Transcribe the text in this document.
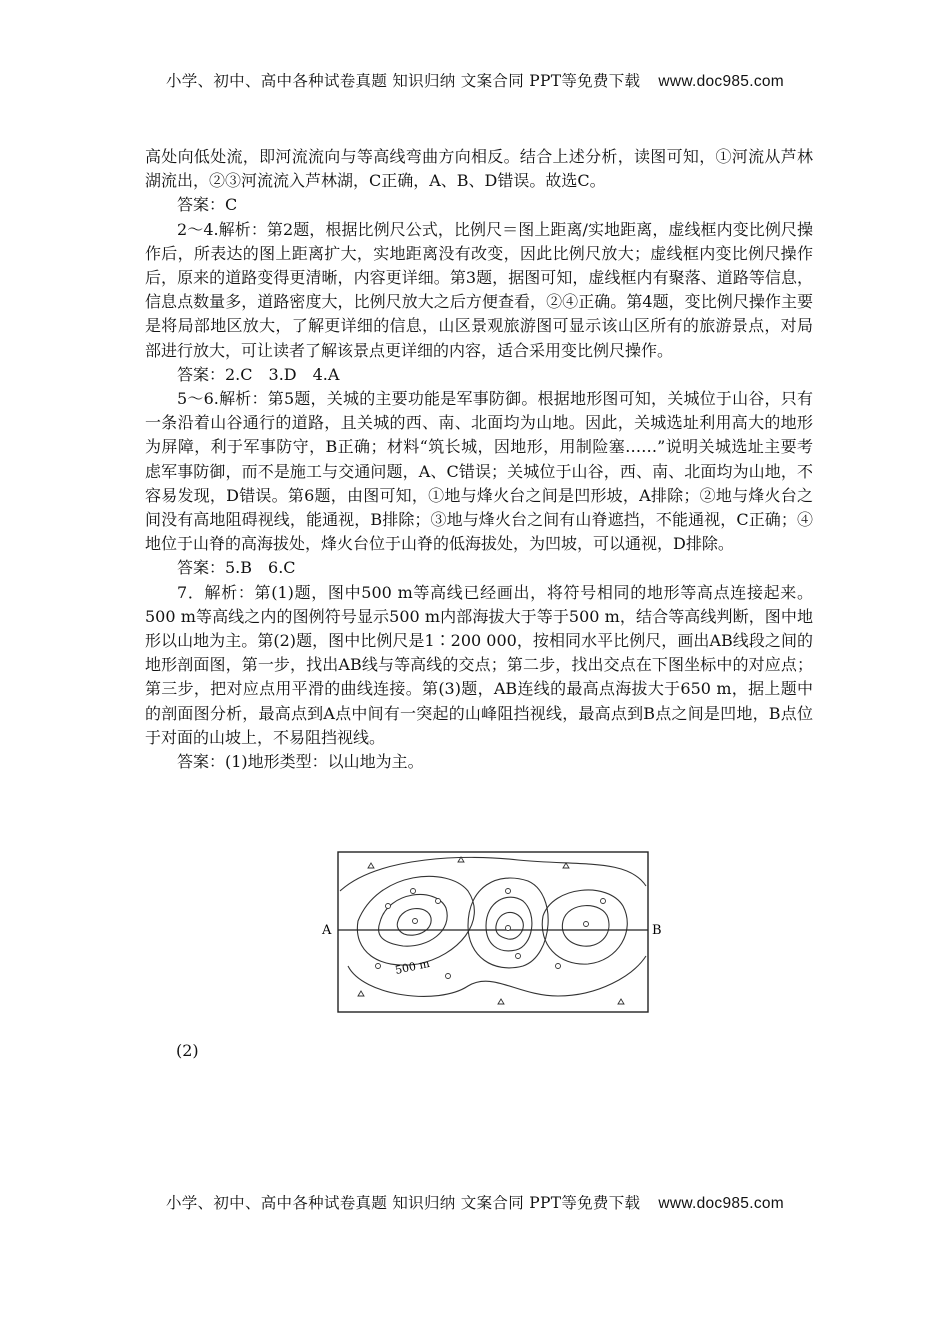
小学、初中、高中各种试卷真题 知识归纳 文案合同 PPT等免费下载 www.doc985.com

高处向低处流，即河流流向与等高线弯曲方向相反。结合上述分析，读图可知，①河流从芦林湖流出，②③河流流入芦林湖，C正确，A、B、D错误。故选C。

答案：C

2～4.解析：第2题，根据比例尺公式，比例尺＝图上距离/实地距离，虚线框内变比例尺操作后，所表达的图上距离扩大，实地距离没有改变，因此比例尺放大；虚线框内变比例尺操作后，原来的道路变得更清晰，内容更详细。第3题，据图可知，虚线框内有聚落、道路等信息，信息点数量多，道路密度大，比例尺放大之后方便查看，②④正确。第4题，变比例尺操作主要是将局部地区放大，了解更详细的信息，山区景观旅游图可显示该山区所有的旅游景点，对局部进行放大，可让读者了解该景点更详细的内容，适合采用变比例尺操作。

答案：2.C　3.D　4.A

5～6.解析：第5题，关城的主要功能是军事防御。根据地形图可知，关城位于山谷，只有一条沿着山谷通行的道路，且关城的西、南、北面均为山地。因此，关城选址利用高大的地形为屏障，利于军事防守，B正确；材料“筑长城，因地形，用制险塞……”说明关城选址主要考虑军事防御，而不是施工与交通问题，A、C错误；关城位于山谷，西、南、北面均为山地，不容易发现，D错误。第6题，由图可知，①地与烽火台之间是凹形坡，A排除；②地与烽火台之间没有高地阻碍视线，能通视，B排除；③地与烽火台之间有山脊遮挡，不能通视，C正确；④地位于山脊的高海拔处，烽火台位于山脊的低海拔处，为凹坡，可以通视，D排除。

答案：5.B　6.C

7．解析：第(1)题，图中500 m等高线已经画出，将符号相同的地形等高点连接起来。500 m等高线之内的图例符号显示500 m内部海拔大于等于500 m，结合等高线判断，图中地形以山地为主。第(2)题，图中比例尺是1∶200 000，按相同水平比例尺，画出AB线段之间的地形剖面图，第一步，找出AB线与等高线的交点；第二步，找出交点在下图坐标中的对应点；第三步，把对应点用平滑的曲线连接。第(3)题，AB连线的最高点海拔大于650 m，据上题中的剖面图分析，最高点到A点中间有一突起的山峰阻挡视线，最高点到B点之间是凹地，B点位于对面的山坡上，不易阻挡视线。

答案：(1)地形类型：以山地为主。

A	B
500 m
(2)
小学、初中、高中各种试卷真题 知识归纳 文案合同 PPT等免费下载 www.doc985.com
